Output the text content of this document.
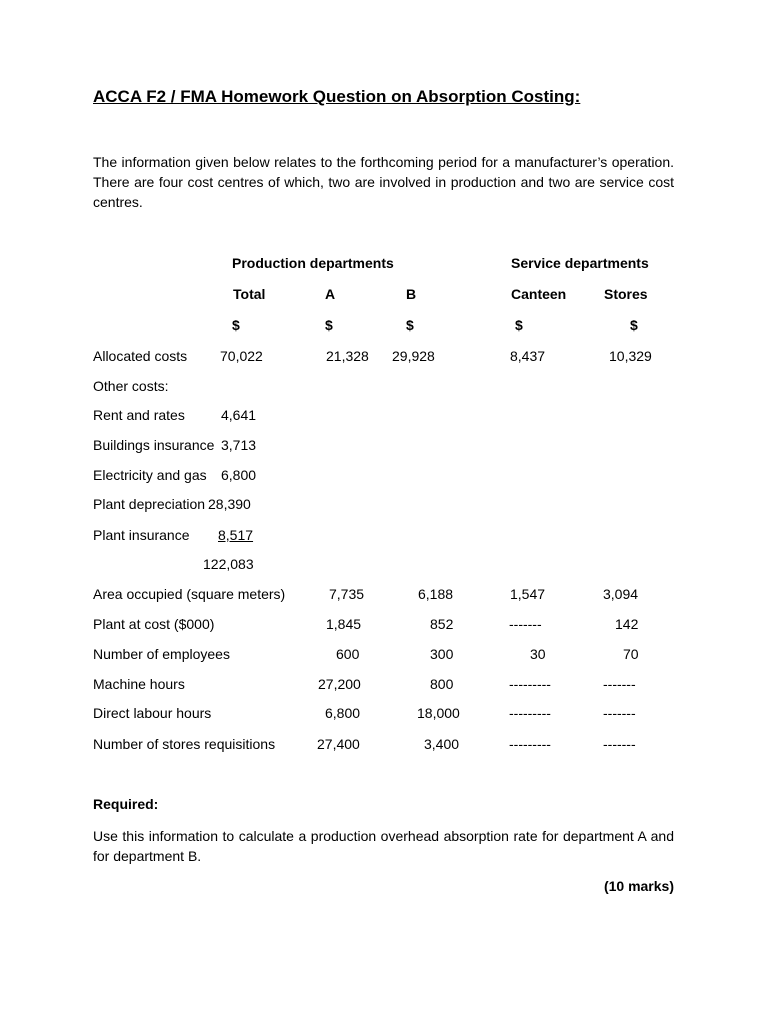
ACCA F2 / FMA Homework Question on Absorption Costing:
The information given below relates to the forthcoming period for a manufacturer’s operation. There are four cost centres of which, two are involved in production and two are service cost centres.
Production departments	Service departments
Total	A	B	Canteen	Stores
$	$	$	$	$
Allocated costs 70,022	21,328 29,928	8,437	10,329
Other costs:
Rent and rates	4,641
Buildings insurance 3,713
Electricity and gas 6,800
Plant depreciation 28,390
Plant insurance 8,517
122,083
Area occupied (square meters)	7,735	6,188	1,547	3,094
Plant at cost ($000)	1,845	852	-------	142
Number of employees	600	300	30	70
Machine hours	27,200	800	---------	-------
Direct labour hours	6,800	18,000	---------	-------
Number of stores requisitions	27,400	3,400	---------	-------
Required:
Use this information to calculate a production overhead absorption rate for department A and for department B.
(10 marks)
